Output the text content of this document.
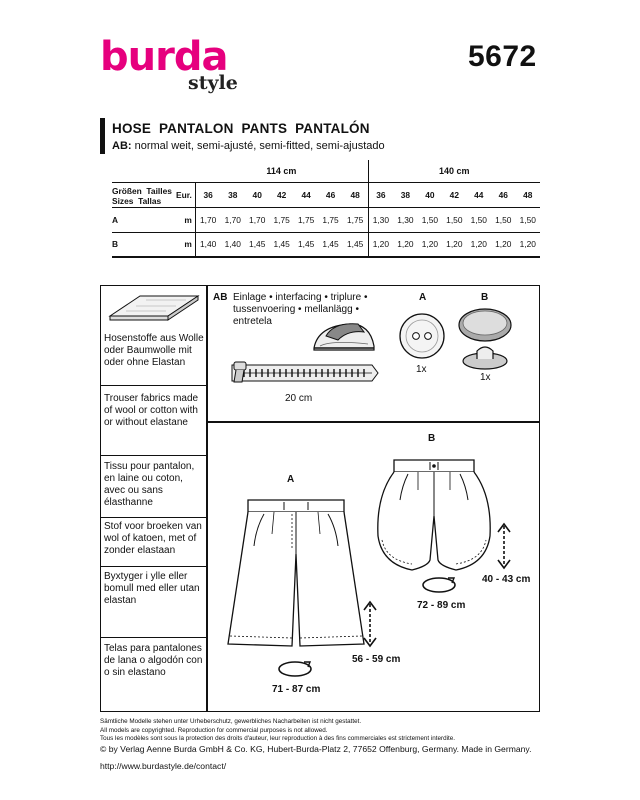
burda
style
5672
HOSE  PANTALON  PANTS  PANTALÓN
AB: normal weit, semi-ajusté, semi-fitted, semi-ajustado
		114 cm							140 cm						

Größen  Tailles
Sizes  Tallas	Eur.	36	38	40	42	44	46	48	36	38	40	42	44	46	48
A	m	1,70	1,70	1,70	1,75	1,75	1,75	1,75	1,30	1,30	1,50	1,50	1,50	1,50	1,50
B	m	1,40	1,40	1,45	1,45	1,45	1,45	1,45	1,20	1,20	1,20	1,20	1,20	1,20	1,20
Hosenstoffe aus Wolle oder Baumwolle mit oder ohne Elastan
Trouser fabrics made of wool or cotton with or without elastane
Tissu pour pantalon, en laine ou coton, avec ou sans élasthanne
Stof voor broeken van wol of katoen, met of zonder elastaan
Byxtyger i ylle eller bomull med eller utan elastan
Telas para pantalones de lana o algodón con o sin elastano
AB Einlage • interfacing • triplure • tussenvoering • mellanlägg • entretela
20 cm
A
1x
B
1x
A
71 - 87 cm
56 - 59 cm
B
72 - 89 cm
40 - 43 cm
Sämtliche Modelle stehen unter Urheberschutz, gewerbliches Nacharbeiten ist nicht gestattet.
All models are copyrighted. Reproduction for commercial purposes is not allowed.
Tous les modèles sont sous la protection des droits d'auteur, leur reproduction à des fins commerciales est strictement interdite.
© by Verlag Aenne Burda GmbH & Co. KG, Hubert-Burda-Platz 2, 77652 Offenburg, Germany. Made in Germany.
http://www.burdastyle.de/contact/
